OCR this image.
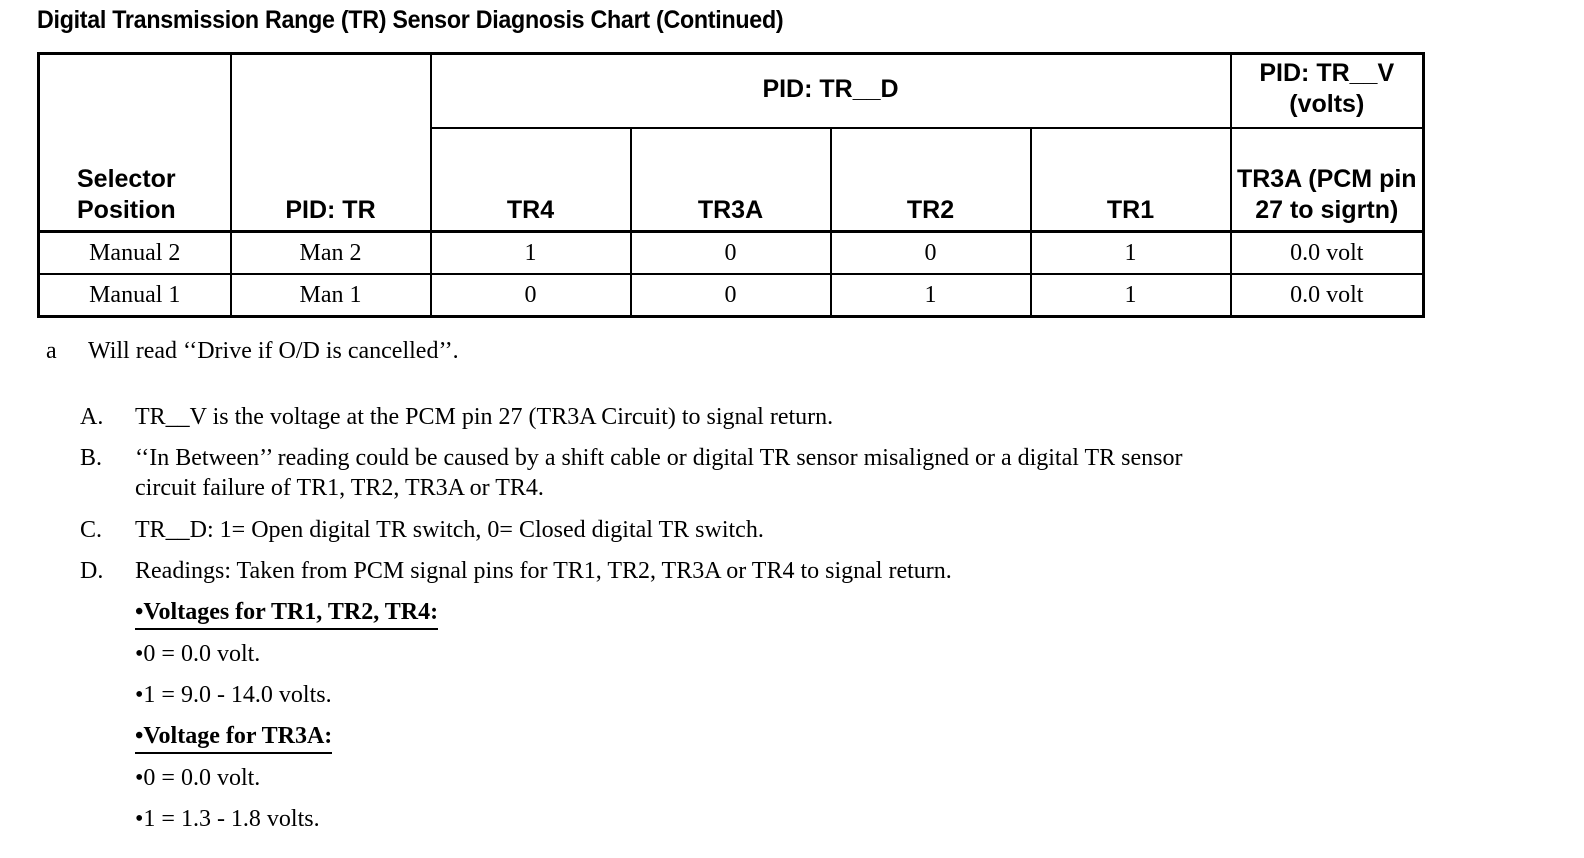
Digital Transmission Range (TR) Sensor Diagnosis Chart (Continued)
Selector Position	PID: TR	PID: TR__D				PID: TR__V (volts)
		TR4	TR3A	TR2	TR1	TR3A (PCM pin 27 to sigrtn)
Manual 2	Man 2	1	0	0	1	0.0 volt
Manual 1	Man 1	0	0	1	1	0.0 volt
a Will read ‘‘Drive if O/D is cancelled’’.
A. TR__V is the voltage at the PCM pin 27 (TR3A Circuit) to signal return.
B. ‘‘In Between’’ reading could be caused by a shift cable or digital TR sensor misaligned or a digital TR sensor
circuit failure of TR1, TR2, TR3A or TR4.
C. TR__D: 1= Open digital TR switch, 0= Closed digital TR switch.
D. Readings: Taken from PCM signal pins for TR1, TR2, TR3A or TR4 to signal return.
•Voltages for TR1, TR2, TR4:
•0 = 0.0 volt.
•1 = 9.0 - 14.0 volts.
•Voltage for TR3A:
•0 = 0.0 volt.
•1 = 1.3 - 1.8 volts.
